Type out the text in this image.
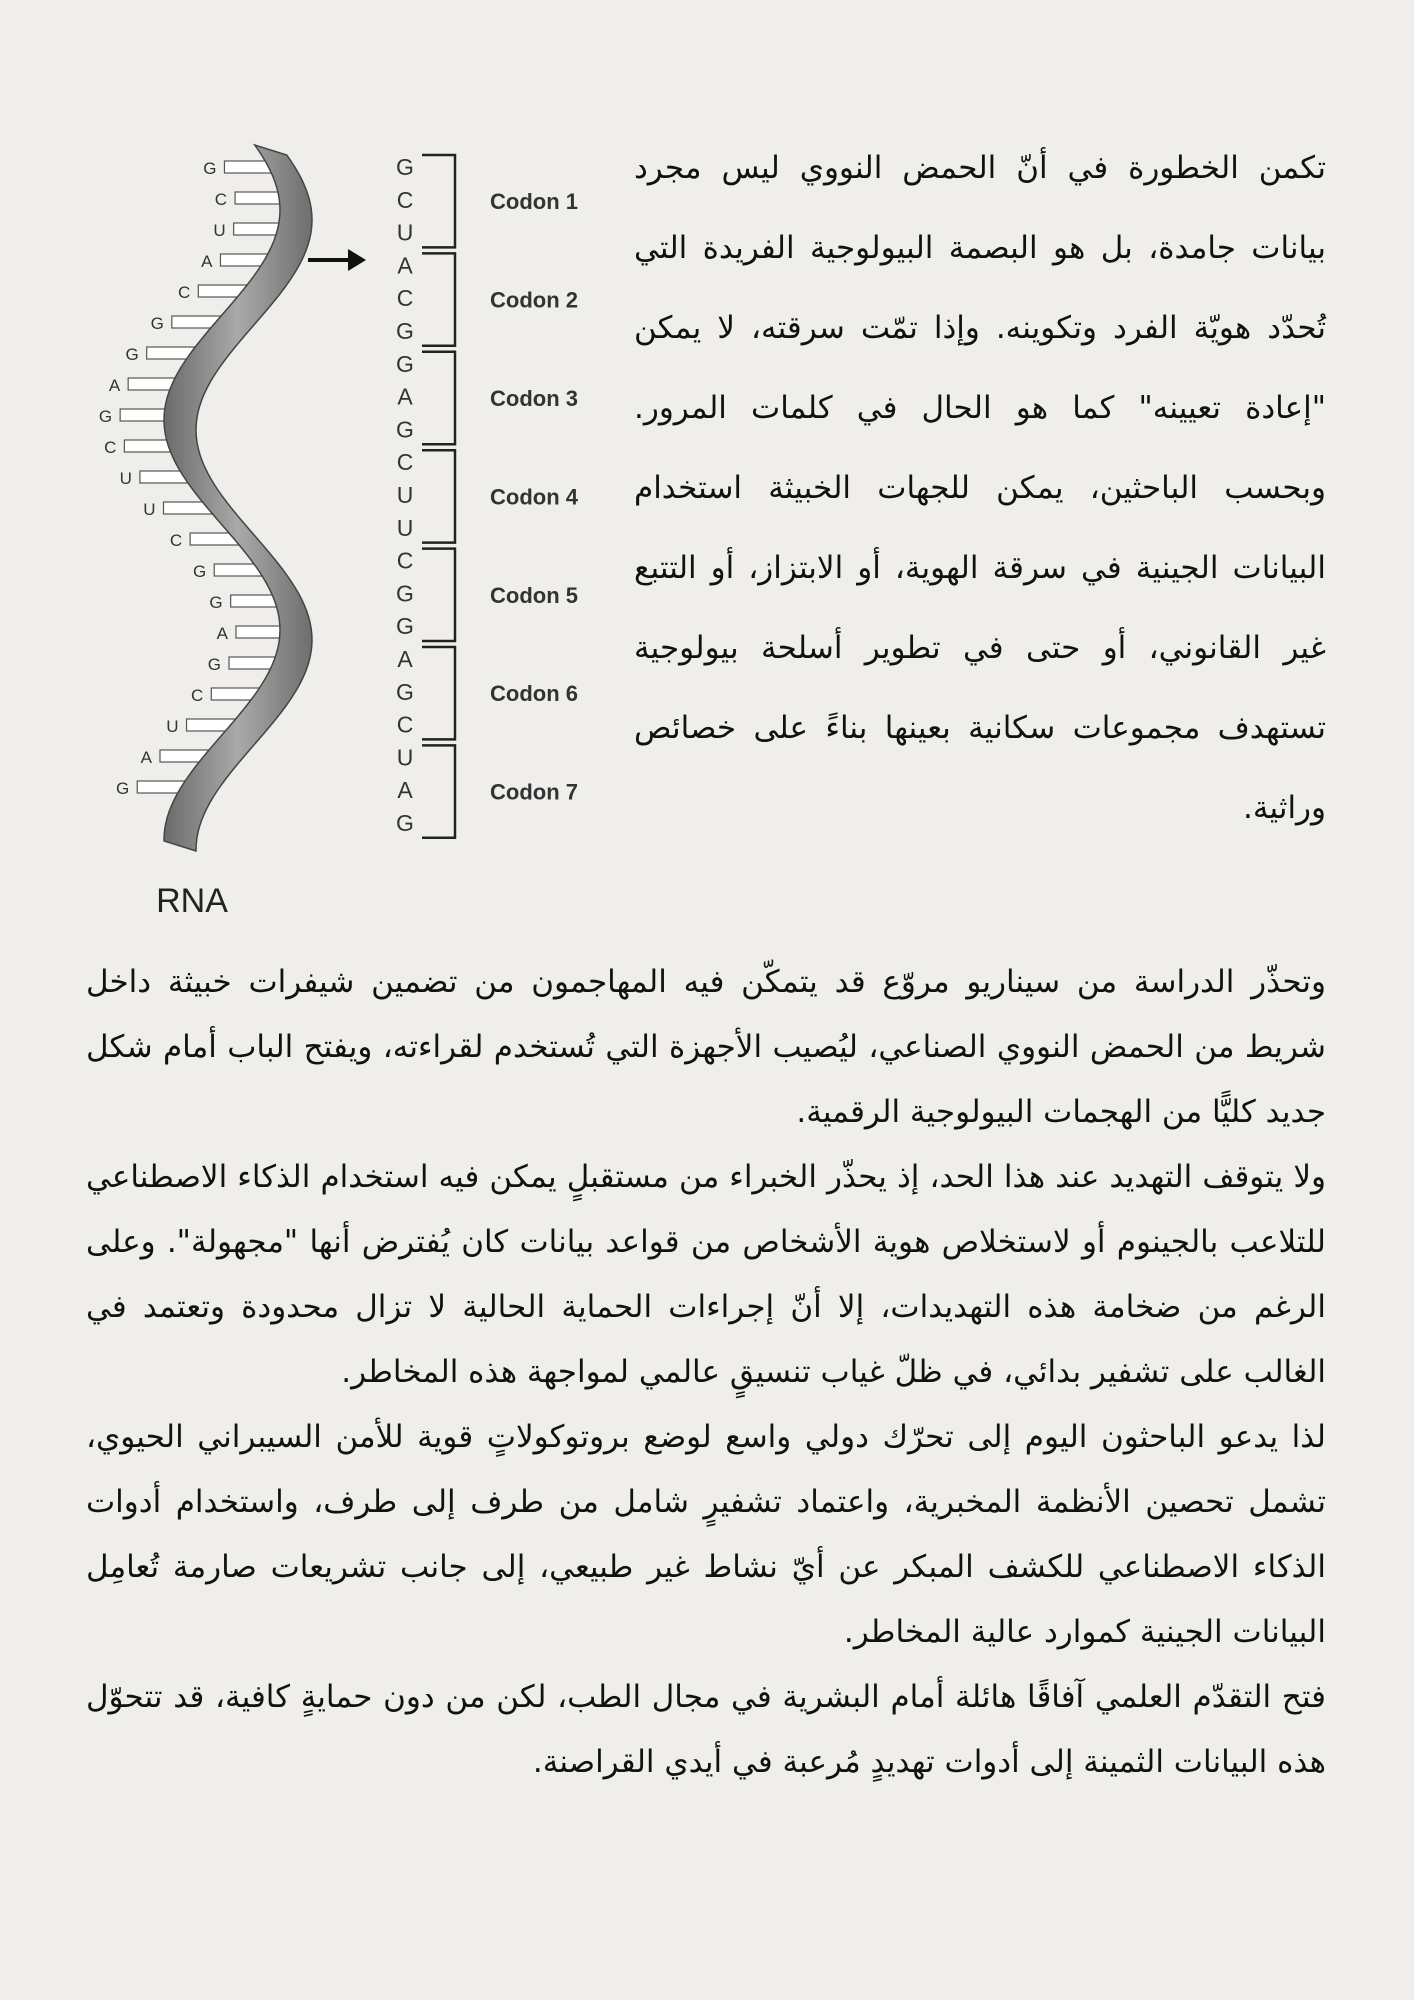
G
C
U
A
C
G
G
A
G
C
U
U
C
G
G
A
G
C
U
A
G
G
C
U
A
C
G
G
A
G
C
U
U
C
G
G
A
G
C
U
A
G
Codon 1
Codon 2
Codon 3
Codon 4
Codon 5
Codon 6
Codon 7
RNA

تكمن الخطورة في أنّ الحمض النووي ليس مجرد بيانات جامدة، بل هو البصمة البيولوجية الفريدة التي تُحدّد هويّة الفرد وتكوينه. وإذا تمّت سرقته، لا يمكن "إعادة تعيينه" كما هو الحال في كلمات المرور. وبحسب الباحثين، يمكن للجهات الخبيثة استخدام البيانات الجينية في سرقة الهوية، أو الابتزاز، أو التتبع غير القانوني، أو حتى في تطوير أسلحة بيولوجية تستهدف مجموعات سكانية بعينها بناءً على خصائص وراثية.

وتحذّر الدراسة من سيناريو مروّع قد يتمكّن فيه المهاجمون من تضمين شيفرات خبيثة داخل شريط من الحمض النووي الصناعي، ليُصيب الأجهزة التي تُستخدم لقراءته، ويفتح الباب أمام شكل جديد كليًّا من الهجمات البيولوجية الرقمية.

ولا يتوقف التهديد عند هذا الحد، إذ يحذّر الخبراء من مستقبلٍ يمكن فيه استخدام الذكاء الاصطناعي للتلاعب بالجينوم أو لاستخلاص هوية الأشخاص من قواعد بيانات كان يُفترض أنها "مجهولة". وعلى الرغم من ضخامة هذه التهديدات، إلا أنّ إجراءات الحماية الحالية لا تزال محدودة وتعتمد في الغالب على تشفير بدائي، في ظلّ غياب تنسيقٍ عالمي لمواجهة هذه المخاطر.

لذا يدعو الباحثون اليوم إلى تحرّك دولي واسع لوضع بروتوكولاتٍ قوية للأمن السيبراني الحيوي، تشمل تحصين الأنظمة المخبرية، واعتماد تشفيرٍ شامل من طرف إلى طرف، واستخدام أدوات الذكاء الاصطناعي للكشف المبكر عن أيّ نشاط غير طبيعي، إلى جانب تشريعات صارمة تُعامِل البيانات الجينية كموارد عالية المخاطر.

فتح التقدّم العلمي آفاقًا هائلة أمام البشرية في مجال الطب، لكن من دون حمايةٍ كافية، قد تتحوّل هذه البيانات الثمينة إلى أدوات تهديدٍ مُرعبة في أيدي القراصنة.
